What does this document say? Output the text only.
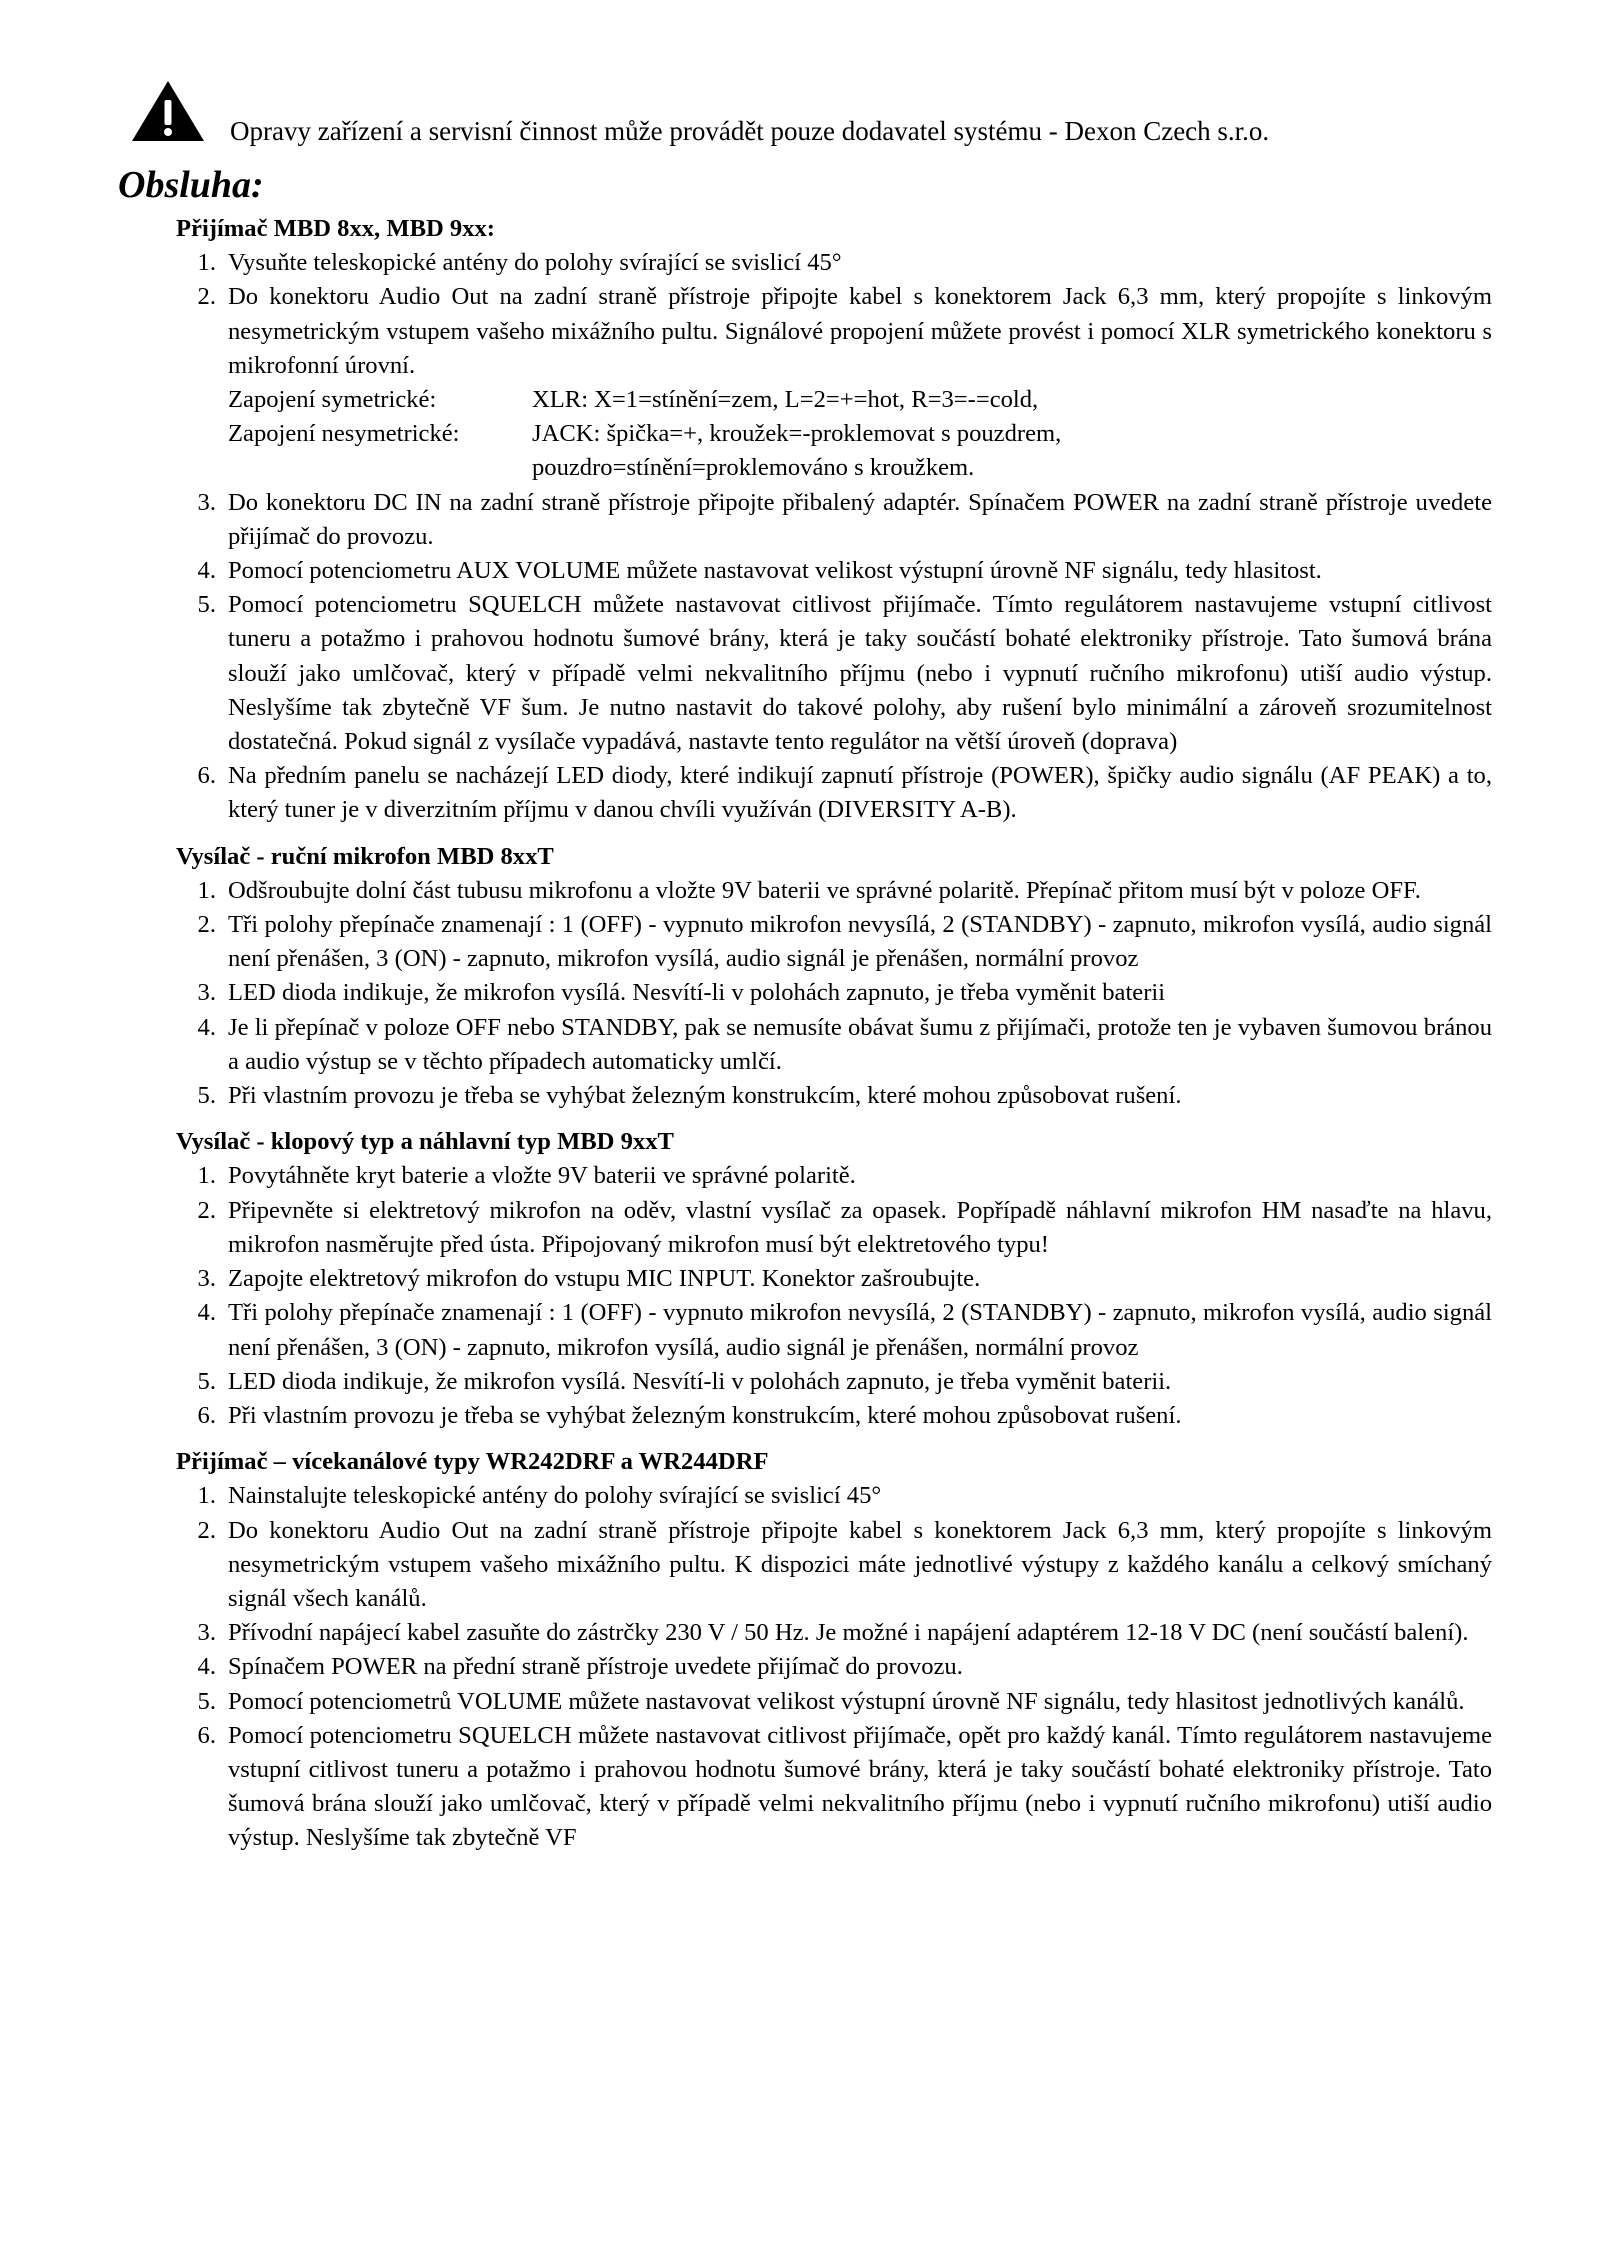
Opravy zařízení a servisní činnost může provádět pouze dodavatel systému - Dexon Czech s.r.o.
Obsluha:

Přijímač MBD 8xx, MBD 9xx:

1. Vysuňte teleskopické antény do polohy svírající se svislicí 45°
2. Do konektoru Audio Out na zadní straně přístroje připojte kabel s konektorem Jack 6,3 mm, který propojíte s linkovým nesymetrickým vstupem vašeho mixážního pultu. Signálové propojení můžete provést i pomocí XLR symetrického konektoru s mikrofonní úrovní.
Zapojení symetrické:	XLR: X=1=stínění=zem, L=2=+=hot, R=3=-=cold,
Zapojení nesymetrické:	JACK: špička=+, kroužek=-proklemovat s pouzdrem,
pouzdro=stínění=proklemováno s kroužkem.
3. Do konektoru DC IN na zadní straně přístroje připojte přibalený adaptér. Spínačem POWER na zadní straně přístroje uvedete přijímač do provozu.
4. Pomocí potenciometru AUX VOLUME můžete nastavovat velikost výstupní úrovně NF signálu, tedy hlasitost.
5. Pomocí potenciometru SQUELCH můžete nastavovat citlivost přijímače. Tímto regulátorem nastavujeme vstupní citlivost tuneru a potažmo i prahovou hodnotu šumové brány, která je taky součástí bohaté elektroniky přístroje. Tato šumová brána slouží jako umlčovač, který v případě velmi nekvalitního příjmu (nebo i vypnutí ručního mikrofonu) utiší audio výstup. Neslyšíme tak zbytečně VF šum. Je nutno nastavit do takové polohy, aby rušení bylo minimální a zároveň srozumitelnost dostatečná. Pokud signál z vysílače vypadává, nastavte tento regulátor na větší úroveň (doprava)
6. Na předním panelu se nacházejí LED diody, které indikují zapnutí přístroje (POWER), špičky audio signálu (AF PEAK) a to, který tuner je v diverzitním příjmu v danou chvíli využíván (DIVERSITY A-B).

Vysílač - ruční mikrofon MBD 8xxT

1. Odšroubujte dolní část tubusu mikrofonu a vložte 9V baterii ve správné polaritě. Přepínač přitom musí být v poloze OFF.
2. Tři polohy přepínače znamenají : 1 (OFF) - vypnuto mikrofon nevysílá, 2 (STANDBY) - zapnuto, mikrofon vysílá, audio signál není přenášen, 3 (ON) - zapnuto, mikrofon vysílá, audio signál je přenášen, normální provoz
3. LED dioda indikuje, že mikrofon vysílá. Nesvítí-li v polohách zapnuto, je třeba vyměnit baterii
4. Je li přepínač v poloze OFF nebo STANDBY, pak se nemusíte obávat šumu z přijímači, protože ten je vybaven šumovou bránou a audio výstup se v těchto případech automaticky umlčí.
5. Při vlastním provozu je třeba se vyhýbat železným konstrukcím, které mohou způsobovat rušení.

Vysílač - klopový typ a náhlavní typ MBD 9xxT

1. Povytáhněte kryt baterie a vložte 9V baterii ve správné polaritě.
2. Připevněte si elektretový mikrofon na oděv, vlastní vysílač za opasek. Popřípadě náhlavní mikrofon HM nasaďte na hlavu, mikrofon nasměrujte před ústa. Připojovaný mikrofon musí být elektretového typu!
3. Zapojte elektretový mikrofon do vstupu MIC INPUT. Konektor zašroubujte.
4. Tři polohy přepínače znamenají : 1 (OFF) - vypnuto mikrofon nevysílá, 2 (STANDBY) - zapnuto, mikrofon vysílá, audio signál není přenášen, 3 (ON) - zapnuto, mikrofon vysílá, audio signál je přenášen, normální provoz
5. LED dioda indikuje, že mikrofon vysílá. Nesvítí-li v polohách zapnuto, je třeba vyměnit baterii.
6. Při vlastním provozu je třeba se vyhýbat železným konstrukcím, které mohou způsobovat rušení.

Přijímač – vícekanálové typy WR242DRF a WR244DRF

1. Nainstalujte teleskopické antény do polohy svírající se svislicí 45°
2. Do konektoru Audio Out na zadní straně přístroje připojte kabel s konektorem Jack 6,3 mm, který propojíte s linkovým nesymetrickým vstupem vašeho mixážního pultu. K dispozici máte jednotlivé výstupy z každého kanálu a celkový smíchaný signál všech kanálů.
3. Přívodní napájecí kabel zasuňte do zástrčky 230 V / 50 Hz. Je možné i napájení adaptérem 12-18 V DC (není součástí balení).
4. Spínačem POWER na přední straně přístroje uvedete přijímač do provozu.
5. Pomocí potenciometrů VOLUME můžete nastavovat velikost výstupní úrovně NF signálu, tedy hlasitost jednotlivých kanálů.
6. Pomocí potenciometru SQUELCH můžete nastavovat citlivost přijímače, opět pro každý kanál. Tímto regulátorem nastavujeme vstupní citlivost tuneru a potažmo i prahovou hodnotu šumové brány, která je taky součástí bohaté elektroniky přístroje. Tato šumová brána slouží jako umlčovač, který v případě velmi nekvalitního příjmu (nebo i vypnutí ručního mikrofonu) utiší audio výstup. Neslyšíme tak zbytečně VF
